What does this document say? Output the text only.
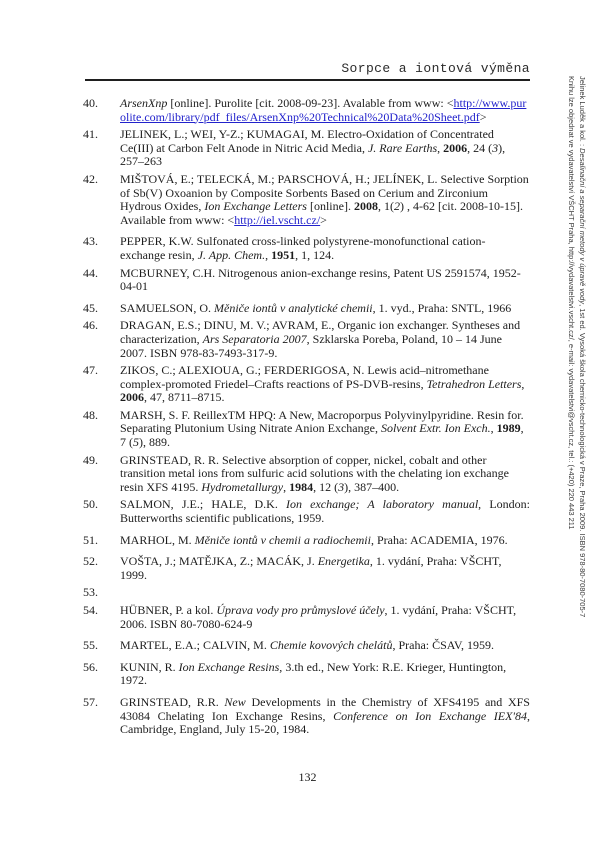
Sorpce a iontová výměna
40.	ArsenXnp [online]. Purolite [cit. 2008-09-23]. Avalable from www: <http://www.purolite.com/library/pdf_files/ArsenXnp%20Technical%20Data%20Sheet.pdf>
41.	JELINEK, L.; WEI, Y-Z.; KUMAGAI, M. Electro-Oxidation of Concentrated Ce(III) at Carbon Felt Anode in Nitric Acid Media, J. Rare Earths, 2006, 24 (3), 257–263
42.	MIŠTOVÁ, E.; TELECKÁ, M.; PARSCHOVÁ, H.; JELÍNEK, L. Selective Sorption of Sb(V) Oxoanion by Composite Sorbents Based on Cerium and Zirconium Hydrous Oxides, Ion Exchange Letters [online]. 2008, 1(2) , 4-62 [cit. 2008-10-15]. Available from www: <http://iel.vscht.cz/>
43.	PEPPER, K.W. Sulfonated cross-linked polystyrene-monofunctional cation-exchange resin, J. App. Chem., 1951, 1, 124.
44.	MCBURNEY, C.H. Nitrogenous anion-exchange resins, Patent US 2591574, 1952-04-01
45.	SAMUELSON, O. Měniče iontů v analytické chemii, 1. vyd., Praha: SNTL, 1966
46.	DRAGAN, E.S.; DINU, M. V.; AVRAM, E., Organic ion exchanger. Syntheses and characterization, Ars Separatoria 2007, Szklarska Poreba, Poland, 10 – 14 June 2007. ISBN 978-83-7493-317-9.
47.	ZIKOS, C.; ALEXIOUA, G.; FERDERIGOSA, N. Lewis acid–nitromethane complex-promoted Friedel–Crafts reactions of PS-DVB-resins, Tetrahedron Letters, 2006, 47, 8711–8715.
48.	MARSH, S. F. ReillexTM HPQ: A New, Macroporpus Polyvinylpyridine. Resin for. Separating Plutonium Using Nitrate Anion Exchange, Solvent Extr. Ion Exch., 1989, 7 (5), 889.
49.	GRINSTEAD, R. R. Selective absorption of copper, nickel, cobalt and other transition metal ions from sulfuric acid solutions with the chelating ion exchange resin XFS 4195. Hydrometallurgy, 1984, 12 (3), 387–400.
50.	SALMON, J.E.; HALE, D.K. Ion exchange; A laboratory manual, London: Butterworths scientific publications, 1959.
51.	MARHOL, M. Měniče iontů v chemii a radiochemii, Praha: ACADEMIA, 1976.
52.	VOŠTA, J.; MATĚJKA, Z.; MACÁK, J. Energetika, 1. vydání, Praha: VŠCHT, 1999.
53.
54.	HÜBNER, P. a kol. Úprava vody pro průmyslové účely, 1. vydání, Praha: VŠCHT, 2006. ISBN 80-7080-624-9
55.	MARTEL, E.A.; CALVIN, M. Chemie kovových chelátů, Praha: ČSAV, 1959.
56.	KUNIN, R. Ion Exchange Resins, 3.th ed., New York: R.E. Krieger, Huntington, 1972.
57.	GRINSTEAD, R.R. New Developments in the Chemistry of XFS4195 and XFS 43084 Chelating Ion Exchange Resins, Conference on Ion Exchange IEX'84, Cambridge, England, July 15-20, 1984.
Jelinek Luděk a kol. : Desalinační a separační metody v úpravě vody, 1st ed. Vysoká škola chemicko-technologická v Praze, Praha 2009. ISBN 978-80-7080-705-7
Knihu lze objednat ve vydavatelství VŠCHT Praha, http://vydavatelstvi.vscht.cz/, e-mail: vydavatelstvi@vscht.cz, tel.: (+420) 220 443 211
132
